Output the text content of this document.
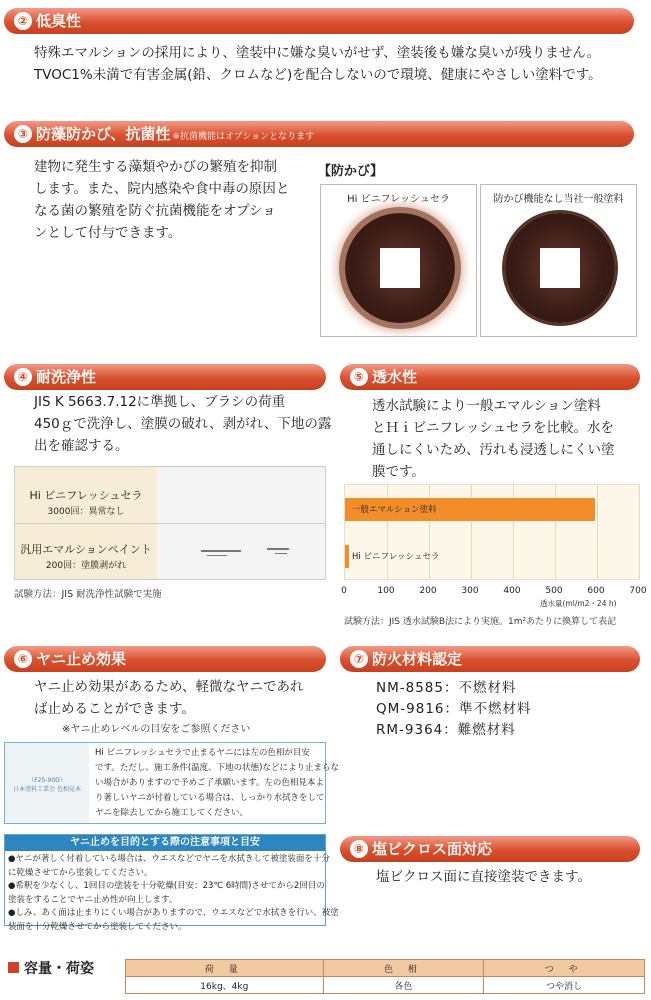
② 低臭性
特殊エマルションの採用により、塗装中に嫌な臭いがせず、塗装後も嫌な臭いが残りません。
TVOC1%未満で有害金属(鉛、クロムなど)を配合しないので環境、健康にやさしい塗料です。
③ 防藻防かび、抗菌性 ※抗菌機能はオプションとなります
建物に発生する藻類やかびの繁殖を抑制
します。また、院内感染や食中毒の原因と
なる菌の繁殖を防ぐ抗菌機能をオプショ
ンとして付与できます。
【防かび】
Hi ビニフレッシュセラ	防かび機能なし当社一般塗料
④ 耐洗浄性
JIS K 5663.7.12に準拠し、ブラシの荷重
450ｇで洗浄し、塗膜の破れ、剥がれ、下地の露
出を確認する。
Hi ビニフレッシュセラ
3000回：異常なし
汎用エマルションペイント
200回：塗膜剥がれ
試験方法：JIS 耐洗浄性試験で実施
⑤ 透水性
透水試験により一般エマルション塗料
とＨｉビニフレッシュセラを比較。水を
通しにくいため、汚れも浸透しにくい塗
膜です。
一般エマルション塗料
Hi ビニフレッシュセラ
透水量(ml/m2・24 h)
試験方法：JIS 透水試験B法により実施。1m²あたりに換算して表記
⑥ ヤニ止め効果
ヤニ止め効果があるため、軽微なヤニであれ
ば止めることができます。
※ヤニ止めレベルの目安をご参照ください
（F25-90D）
日本塗料工業会 色相見本
Hi ビニフレッシュセラで止まるヤニには左の色相が目安
です。ただし、施工条件(温度、下地の状態)などにより止まらな
い場合がありますので予めご了承願います。左の色相見本よ
り著しいヤニが付着している場合は、しっかり水拭きをして
ヤニを除去してから施工してください。
ヤニ止めを目的とする際の注意事項と目安
●ヤニが著しく付着している場合は、ウエスなどでヤニを水拭きして被塗装面を十分
に乾燥させてから塗装してください。
●希釈を少なくし、1回目の塗装を十分乾燥(目安：23℃ 6時間)させてから2回目の
塗装をすることでヤニ止め性が向上します。
●しみ、あく面は止まりにくい場合がありますので、ウエスなどで水拭きを行い、被塗
装面を十分乾燥させてから塗装してください。
⑦ 防火材料認定
NM-8585：不燃材料
QM-9816：準不燃材料
RM-9364：難燃材料
⑧ 塩ビクロス面対応
塩ビクロス面に直接塗装できます。
容量・荷姿	荷 量	色 相	つ や
16kg、4kg	各色	つや消し
0	100	200	300	400	500	600	700
